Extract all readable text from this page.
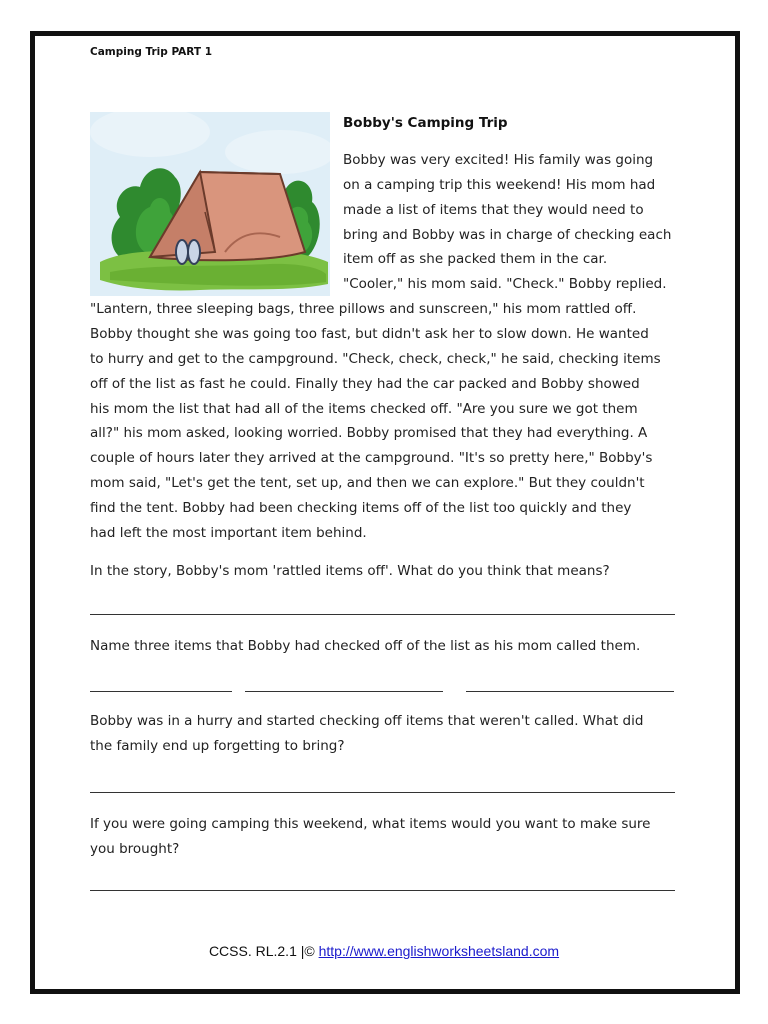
Camping Trip PART 1
Bobby's Camping Trip
Bobby was very excited! His family was going
on a camping trip this weekend! His mom had
made a list of items that they would need to
bring and Bobby was in charge of checking each
item off as she packed them in the car.
"Cooler," his mom said. "Check." Bobby replied.
"Lantern, three sleeping bags, three pillows and sunscreen," his mom rattled off.
Bobby thought she was going too fast, but didn't ask her to slow down. He wanted
to hurry and get to the campground. "Check, check, check," he said, checking items
off of the list as fast he could. Finally they had the car packed and Bobby showed
his mom the list that had all of the items checked off. "Are you sure we got them
all?" his mom asked, looking worried. Bobby promised that they had everything. A
couple of hours later they arrived at the campground. "It's so pretty here," Bobby's
mom said, "Let's get the tent, set up, and then we can explore." But they couldn't
find the tent. Bobby had been checking items off of the list too quickly and they
had left the most important item behind.
In the story, Bobby's mom 'rattled items off'. What do you think that means?
Name three items that Bobby had checked off of the list as his mom called them.
Bobby was in a hurry and started checking off items that weren't called. What did
the family end up forgetting to bring?
If you were going camping this weekend, what items would you want to make sure
you brought?
CCSS. RL.2.1 |© http://www.englishworksheetsland.com
